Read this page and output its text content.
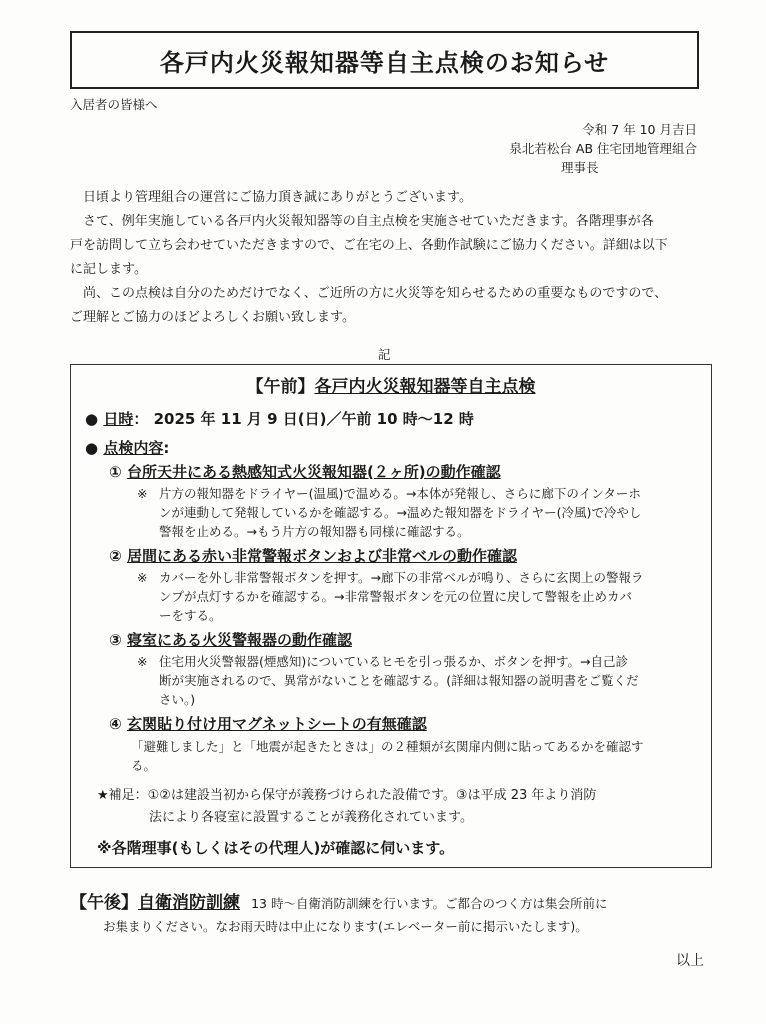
各戸内火災報知器等自主点検のお知らせ
入居者の皆様へ
令和 7 年 10 月吉日
泉北若松台 AB 住宅団地管理組合
理事長

日頃より管理組合の運営にご協力頂き誠にありがとうございます。

さて、例年実施している各戸内火災報知器等の自主点検を実施させていただきます。各階理事が各

戸を訪問して立ち会わせていただきますので、ご在宅の上、各動作試験にご協力ください。詳細は以下

に記します。

尚、この点検は自分のためだけでなく、ご近所の方に火災等を知らせるための重要なものですので、

ご理解とご協力のほどよろしくお願い致します。

記
【午前】各戸内火災報知器等自主点検
● 日時： 2025 年 11 月 9 日(日)／午前 10 時～12 時
● 点検内容:
① 台所天井にある熱感知式火災報知器(２ヶ所)の動作確認
※ 片方の報知器をドライヤー(温風)で温める。→本体が発報し、さらに廊下のインターホ
ンが連動して発報しているかを確認する。→温めた報知器をドライヤー(冷風)で冷やし
警報を止める。→もう片方の報知器も同様に確認する。
② 居間にある赤い非常警報ボタンおよび非常ベルの動作確認
※ カバーを外し非常警報ボタンを押す。→廊下の非常ベルが鳴り、さらに玄関上の警報ラ
ンプが点灯するかを確認する。→非常警報ボタンを元の位置に戻して警報を止めカバ
ーをする。
③ 寝室にある火災警報器の動作確認
※ 住宅用火災警報器(煙感知)についているヒモを引っ張るか、ボタンを押す。→自己診
断が実施されるので、異常がないことを確認する。(詳細は報知器の説明書をご覧くだ
さい。)
④ 玄関貼り付け用マグネットシートの有無確認
「避難しました」と「地震が起きたときは」の２種類が玄関扉内側に貼ってあるかを確認す
る。
★補足：①②は建設当初から保守が義務づけられた設備です。③は平成 23 年より消防
法により各寝室に設置することが義務化されています。
※各階理事(もしくはその代理人)が確認に伺います。
【午後】自衛消防訓練 13 時～自衛消防訓練を行います。ご都合のつく方は集会所前に
お集まりください。なお雨天時は中止になります(エレベーター前に掲示いたします)。
以上
